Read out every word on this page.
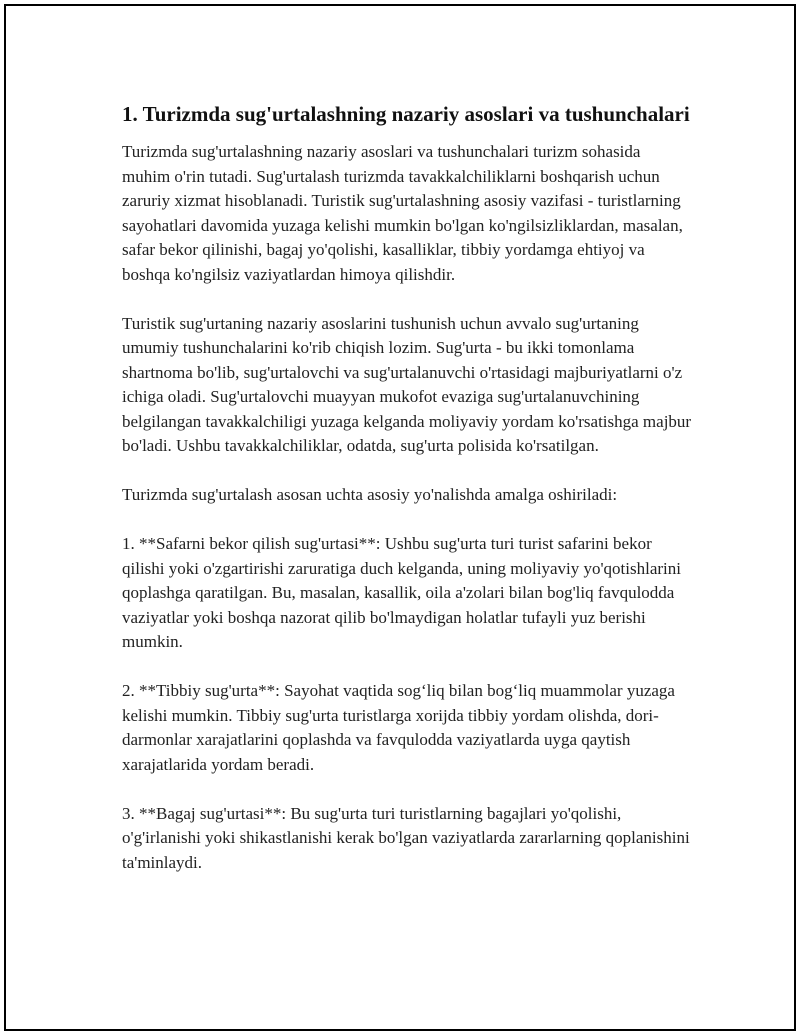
1. Turizmda sug'urtalashning nazariy asoslari va tushunchalari

Turizmda sug'urtalashning nazariy asoslari va tushunchalari turizm sohasida muhim o'rin tutadi. Sug'urtalash turizmda tavakkalchiliklarni boshqarish uchun zaruriy xizmat hisoblanadi. Turistik sug'urtalashning asosiy vazifasi - turistlarning sayohatlari davomida yuzaga kelishi mumkin bo'lgan ko'ngilsizliklardan, masalan, safar bekor qilinishi, bagaj yo'qolishi, kasalliklar, tibbiy yordamga ehtiyoj va boshqa ko'ngilsiz vaziyatlardan himoya qilishdir.

Turistik sug'urtaning nazariy asoslarini tushunish uchun avvalo sug'urtaning umumiy tushunchalarini ko'rib chiqish lozim. Sug'urta - bu ikki tomonlama shartnoma bo'lib, sug'urtalovchi va sug'urtalanuvchi o'rtasidagi majburiyatlarni o'z ichiga oladi. Sug'urtalovchi muayyan mukofot evaziga sug'urtalanuvchining belgilangan tavakkalchiligi yuzaga kelganda moliyaviy yordam ko'rsatishga majbur bo'ladi. Ushbu tavakkalchiliklar, odatda, sug'urta polisida ko'rsatilgan.

Turizmda sug'urtalash asosan uchta asosiy yo'nalishda amalga oshiriladi:

1. **Safarni bekor qilish sug'urtasi**: Ushbu sug'urta turi turist safarini bekor qilishi yoki o'zgartirishi zaruratiga duch kelganda, uning moliyaviy yo'qotishlarini qoplashga qaratilgan. Bu, masalan, kasallik, oila a'zolari bilan bog'liq favqulodda vaziyatlar yoki boshqa nazorat qilib bo'lmaydigan holatlar tufayli yuz berishi mumkin.

2. **Tibbiy sug'urta**: Sayohat vaqtida sog‘liq bilan bog‘liq muammolar yuzaga kelishi mumkin. Tibbiy sug'urta turistlarga xorijda tibbiy yordam olishda, dori-darmonlar xarajatlarini qoplashda va favqulodda vaziyatlarda uyga qaytish xarajatlarida yordam beradi.

3. **Bagaj sug'urtasi**: Bu sug'urta turi turistlarning bagajlari yo'qolishi, o'g'irlanishi yoki shikastlanishi kerak bo'lgan vaziyatlarda zararlarning qoplanishini ta'minlaydi.
